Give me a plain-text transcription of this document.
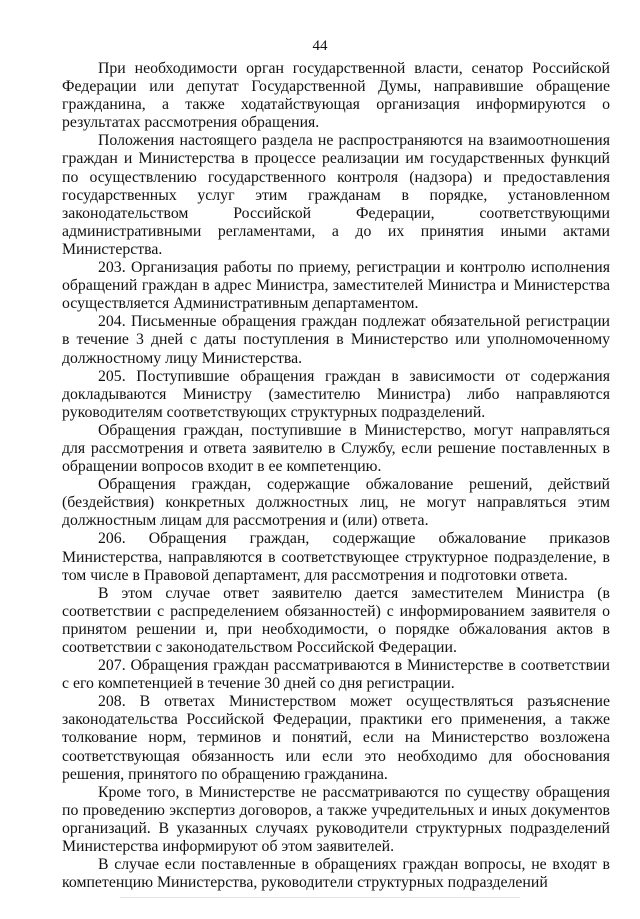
44

При необходимости орган государственной власти, сенатор Российской Федерации или депутат Государственной Думы, направившие обращение гражданина, а также ходатайствующая организация информируются о результатах рассмотрения обращения.

Положения настоящего раздела не распространяются на взаимоотношения граждан и Министерства в процессе реализации им государственных функций по осуществлению государственного контроля (надзора) и предоставления государственных услуг этим гражданам в порядке, установленном законодательством Российской Федерации, соответствующими административными регламентами, а до их принятия иными актами Министерства.

203. Организация работы по приему, регистрации и контролю исполнения обращений граждан в адрес Министра, заместителей Министра и Министерства осуществляется Административным департаментом.

204. Письменные обращения граждан подлежат обязательной регистрации в течение 3 дней с даты поступления в Министерство или уполномоченному должностному лицу Министерства.

205. Поступившие обращения граждан в зависимости от содержания докладываются Министру (заместителю Министра) либо направляются руководителям соответствующих структурных подразделений.

Обращения граждан, поступившие в Министерство, могут направляться для рассмотрения и ответа заявителю в Службу, если решение поставленных в обращении вопросов входит в ее компетенцию.

Обращения граждан, содержащие обжалование решений, действий (бездействия) конкретных должностных лиц, не могут направляться этим должностным лицам для рассмотрения и (или) ответа.

206. Обращения граждан, содержащие обжалование приказов Министерства, направляются в соответствующее структурное подразделение, в том числе в Правовой департамент, для рассмотрения и подготовки ответа.

В этом случае ответ заявителю дается заместителем Министра (в соответствии с распределением обязанностей) с информированием заявителя о принятом решении и, при необходимости, о порядке обжалования актов в соответствии с законодательством Российской Федерации.

207. Обращения граждан рассматриваются в Министерстве в соответствии с его компетенцией в течение 30 дней со дня регистрации.

208. В ответах Министерством может осуществляться разъяснение законодательства Российской Федерации, практики его применения, а также толкование норм, терминов и понятий, если на Министерство возложена соответствующая обязанность или если это необходимо для обоснования решения, принятого по обращению гражданина.

Кроме того, в Министерстве не рассматриваются по существу обращения по проведению экспертиз договоров, а также учредительных и иных документов организаций. В указанных случаях руководители структурных подразделений Министерства информируют об этом заявителей.

В случае если поставленные в обращениях граждан вопросы, не входят в компетенцию Министерства, руководители структурных подразделений
